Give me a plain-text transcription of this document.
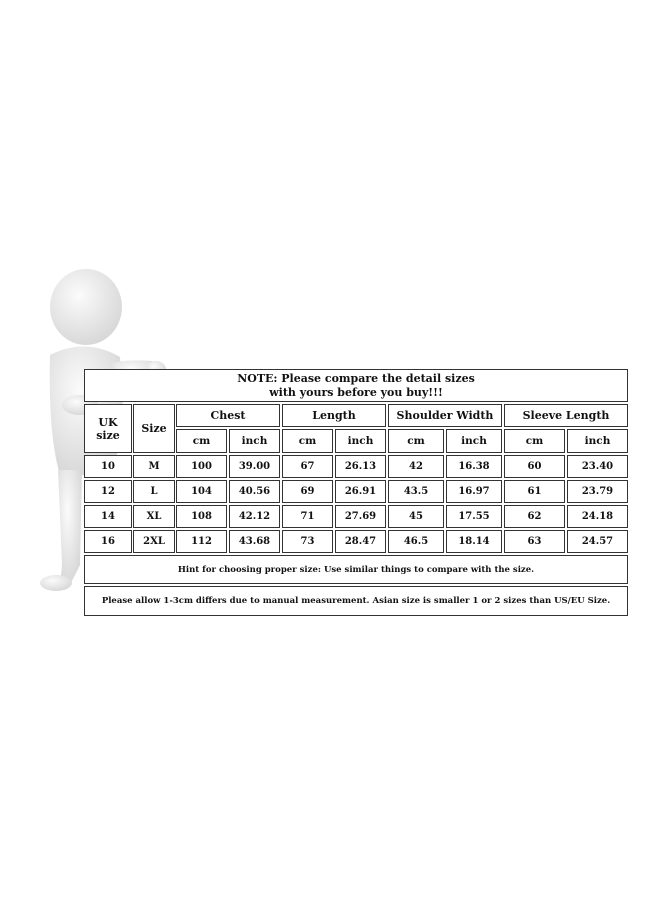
NOTE: Please compare the detail sizes
with yours before you buy!!!
UK size	Size
Chest	Length	Shoulder Width	Sleeve Length
cm	inch	cm	inch	cm	inch	cm	inch
10	M	100	39.00	67	26.13	42	16.38	60	23.40
12	L	104	40.56	69	26.91	43.5	16.97	61	23.79
14	XL	108	42.12	71	27.69	45	17.55	62	24.18
16	2XL	112	43.68	73	28.47	46.5	18.14	63	24.57
Hint for choosing proper size: Use similar things to compare with the size.
Please allow 1-3cm differs due to manual measurement. Asian size is smaller 1 or 2 sizes than US/EU Size.
